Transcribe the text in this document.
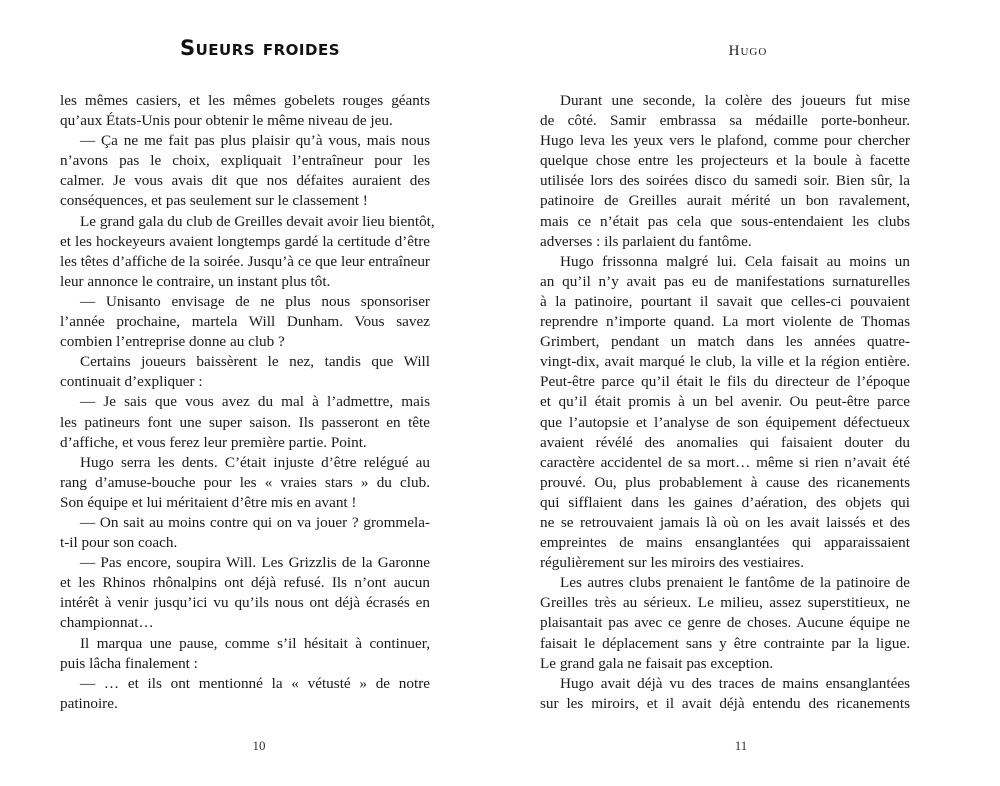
Sueurs froides
les mêmes casiers, et les mêmes gobelets rouges géants
qu’aux États-Unis pour obtenir le même niveau de jeu.
— Ça ne me fait pas plus plaisir qu’à vous, mais nous
n’avons pas le choix, expliquait l’entraîneur pour les
calmer. Je vous avais dit que nos défaites auraient des
conséquences, et pas seulement sur le classement !
Le grand gala du club de Greilles devait avoir lieu bientôt,
et les hockeyeurs avaient longtemps gardé la certitude d’être
les têtes d’affiche de la soirée. Jusqu’à ce que leur entraîneur
leur annonce le contraire, un instant plus tôt.
— Unisanto envisage de ne plus nous sponsoriser
l’année prochaine, martela Will Dunham. Vous savez
combien l’entreprise donne au club ?
Certains joueurs baissèrent le nez, tandis que Will
continuait d’expliquer :
— Je sais que vous avez du mal à l’admettre, mais
les patineurs font une super saison. Ils passeront en tête
d’affiche, et vous ferez leur première partie. Point.
Hugo serra les dents. C’était injuste d’être relégué au
rang d’amuse-bouche pour les « vraies stars » du club.
Son équipe et lui méritaient d’être mis en avant !
— On sait au moins contre qui on va jouer ? grommela-
t-il pour son coach.
— Pas encore, soupira Will. Les Grizzlis de la Garonne
et les Rhinos rhônalpins ont déjà refusé. Ils n’ont aucun
intérêt à venir jusqu’ici vu qu’ils nous ont déjà écrasés en
championnat…
Il marqua une pause, comme s’il hésitait à continuer,
puis lâcha finalement :
— … et ils ont mentionné la « vétusté » de notre
patinoire.
10
Hugo
Durant une seconde, la colère des joueurs fut mise
de côté. Samir embrassa sa médaille porte-bonheur.
Hugo leva les yeux vers le plafond, comme pour chercher
quelque chose entre les projecteurs et la boule à facette
utilisée lors des soirées disco du samedi soir. Bien sûr, la
patinoire de Greilles aurait mérité un bon ravalement,
mais ce n’était pas cela que sous-entendaient les clubs
adverses : ils parlaient du fantôme.
Hugo frissonna malgré lui. Cela faisait au moins un
an qu’il n’y avait pas eu de manifestations surnaturelles
à la patinoire, pourtant il savait que celles-ci pouvaient
reprendre n’importe quand. La mort violente de Thomas
Grimbert, pendant un match dans les années quatre-
vingt-dix, avait marqué le club, la ville et la région entière.
Peut-être parce qu’il était le fils du directeur de l’époque
et qu’il était promis à un bel avenir. Ou peut-être parce
que l’autopsie et l’analyse de son équipement défectueux
avaient révélé des anomalies qui faisaient douter du
caractère accidentel de sa mort… même si rien n’avait été
prouvé. Ou, plus probablement à cause des ricanements
qui sifflaient dans les gaines d’aération, des objets qui
ne se retrouvaient jamais là où on les avait laissés et des
empreintes de mains ensanglantées qui apparaissaient
régulièrement sur les miroirs des vestiaires.
Les autres clubs prenaient le fantôme de la patinoire de
Greilles très au sérieux. Le milieu, assez superstitieux, ne
plaisantait pas avec ce genre de choses. Aucune équipe ne
faisait le déplacement sans y être contrainte par la ligue.
Le grand gala ne faisait pas exception.
Hugo avait déjà vu des traces de mains ensanglantées
sur les miroirs, et il avait déjà entendu des ricanements
11
